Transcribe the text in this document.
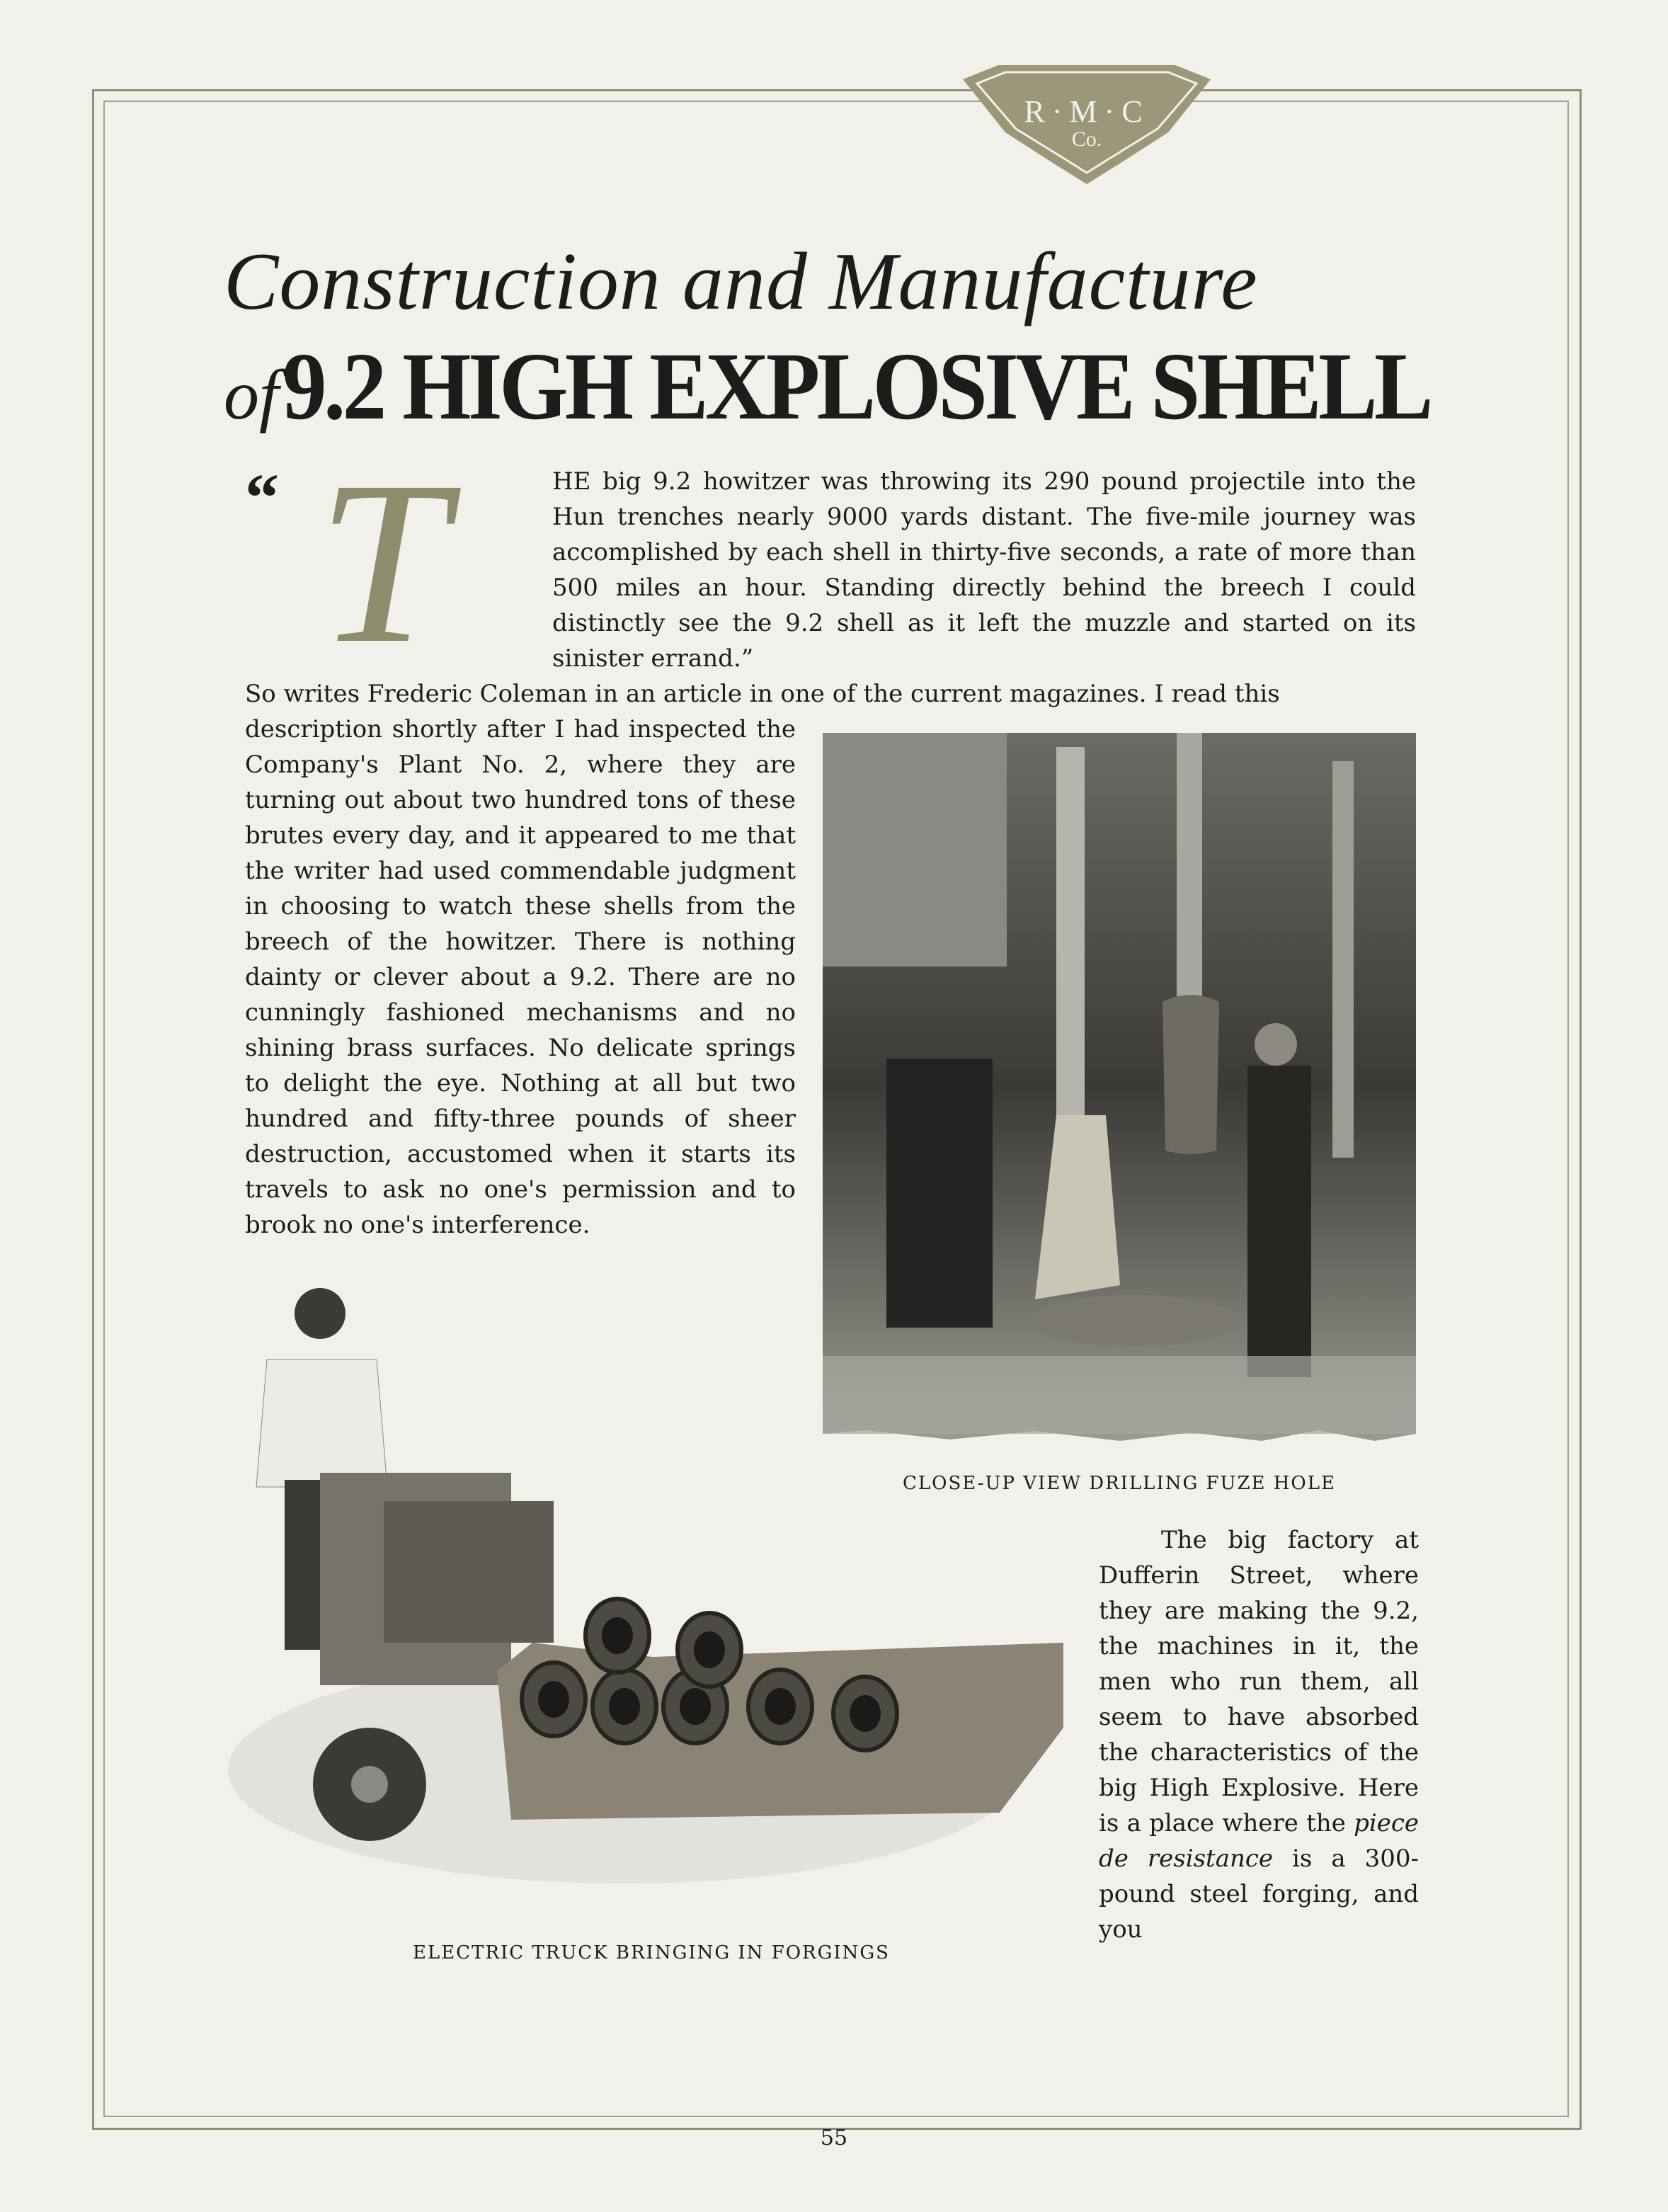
R·M·C
Co.
Construction and Manufacture
of 9.2 HIGH EXPLOSIVE SHELL
“ T	HE big 9.2 howitzer was throwing its 290 pound projectile into the Hun trenches nearly 9000 yards distant. The five-mile journey was accomplished by each shell in thirty-five seconds, a rate of more than 500 miles an hour. Standing directly behind the breech I could distinctly see the 9.2 shell as it left the muzzle and started on its sinister errand.”
So writes Frederic Coleman in an article in one of the current magazines. I read this
description shortly after I had inspected the Company's Plant No. 2, where they are turning out about two hundred tons of these brutes every day, and it appeared to me that the writer had used commendable judgment in choosing to watch these shells from the breech of the howitzer. There is nothing dainty or clever about a 9.2. There are no cunningly fashioned mechanisms and no shining brass surfaces. No delicate springs to delight the eye. Nothing at all but two hundred and fifty-three pounds of sheer destruction, accustomed when it starts its travels to ask no one's permission and to brook no one's interference.
CLOSE-UP VIEW DRILLING FUZE HOLE
ELECTRIC TRUCK BRINGING IN FORGINGS
The big factory at Dufferin Street, where they are making the 9.2, the machines in it, the men who run them, all seem to have absorbed the characteristics of the big High Explosive. Here is a place where the piece de resistance is a 300-pound steel forging, and you
55
